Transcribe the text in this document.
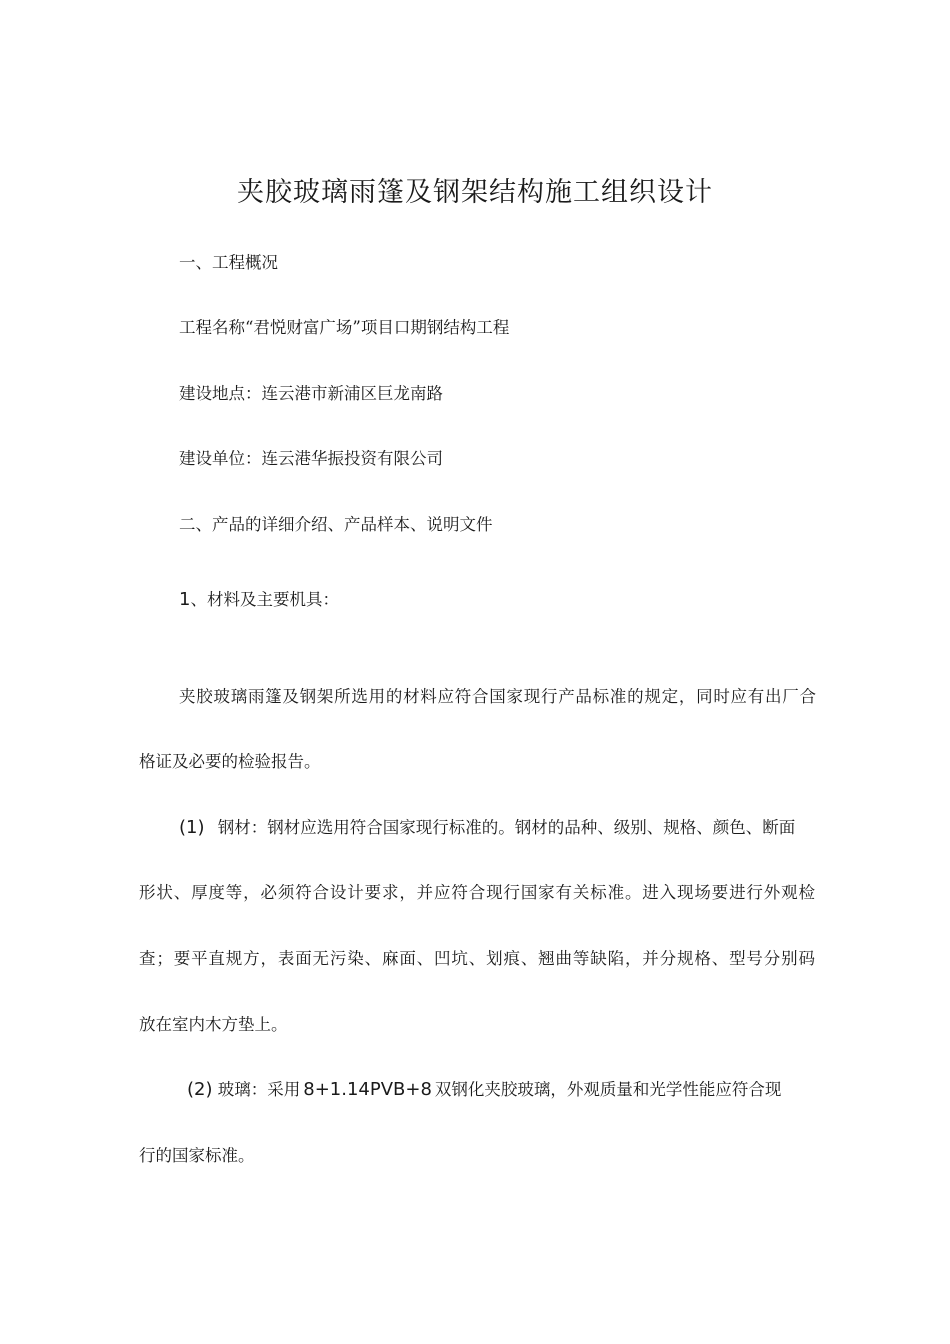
夹胶玻璃雨篷及钢架结构施工组织设计
一、工程概况
工程名称“君悦财富广场”项目口期钢结构工程
建设地点：连云港市新浦区巨龙南路
建设单位：连云港华振投资有限公司
二、产品的详细介绍、产品样本、说明文件
1、材料及主要机具：
夹胶玻璃雨篷及钢架所选用的材料应符合国家现行产品标准的规定，同时应有出厂合
格证及必要的检验报告。
(1) 钢材：钢材应选用符合国家现行标准的。钢材的品种、级别、规格、颜色、断面
形状、厚度等，必须符合设计要求，并应符合现行国家有关标准。进入现场要进行外观检
查；要平直规方，表面无污染、麻面、凹坑、划痕、翘曲等缺陷，并分规格、型号分别码
放在室内木方垫上。
(2) 玻璃：采用 8+1.14PVB+8 双钢化夹胶玻璃，外观质量和光学性能应符合现
行的国家标准。
